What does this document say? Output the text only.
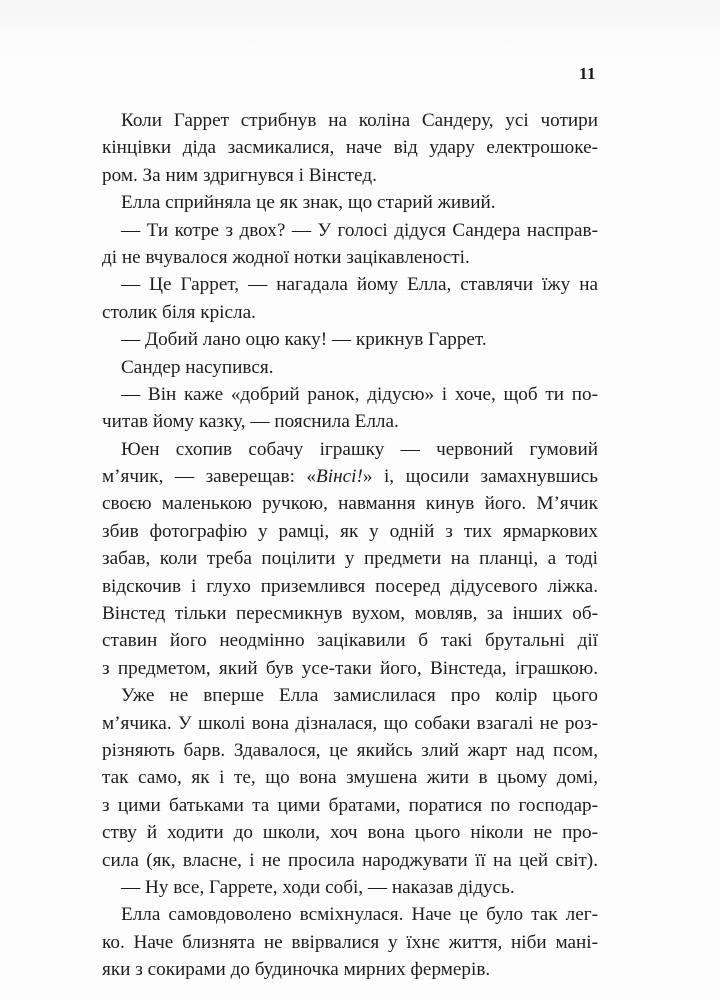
11
Коли Гаррет стрибнув на коліна Сандеру, усі чотири
кінцівки діда засмикалися, наче від удару електрошоке-
ром. За ним здригнувся і Вінстед.
Елла сприйняла це як знак, що старий живий.
— Ти котре з двох? — У голосі дідуся Сандера насправ-
ді не вчувалося жодної нотки зацікавленості.
— Це Гаррет, — нагадала йому Елла, ставлячи їжу на
столик біля крісла.
— Добий лано оцю каку! — крикнув Гаррет.
Сандер насупився.
— Він каже «добрий ранок, дідусю» і хоче, щоб ти по-
читав йому казку, — пояснила Елла.
Юен схопив собачу іграшку — червоний гумовий
м’ячик, — заверещав: «Вінсі!» і, щосили замахнувшись
своєю маленькою ручкою, навмання кинув його. М’ячик
збив фотографію у рамці, як у одній з тих ярмаркових
забав, коли треба поцілити у предмети на планці, а тоді
відскочив і глухо приземлився посеред дідусевого ліжка.
Вінстед тільки пересмикнув вухом, мовляв, за інших об-
ставин його неодмінно зацікавили б такі брутальні дії
з предметом, який був усе-таки його, Вінстеда, іграшкою.
Уже не вперше Елла замислилася про колір цього
м’ячика. У школі вона дізналася, що собаки взагалі не роз-
різняють барв. Здавалося, це якийсь злий жарт над псом,
так само, як і те, що вона змушена жити в цьому домі,
з цими батьками та цими братами, поратися по господар-
ству й ходити до школи, хоч вона цього ніколи не про-
сила (як, власне, і не просила народжувати її на цей світ).
— Ну все, Гаррете, ходи собі, — наказав дідусь.
Елла самовдоволено всміхнулася. Наче це було так лег-
ко. Наче близнята не ввірвалися у їхнє життя, ніби мані-
яки з сокирами до будиночка мирних фермерів.
